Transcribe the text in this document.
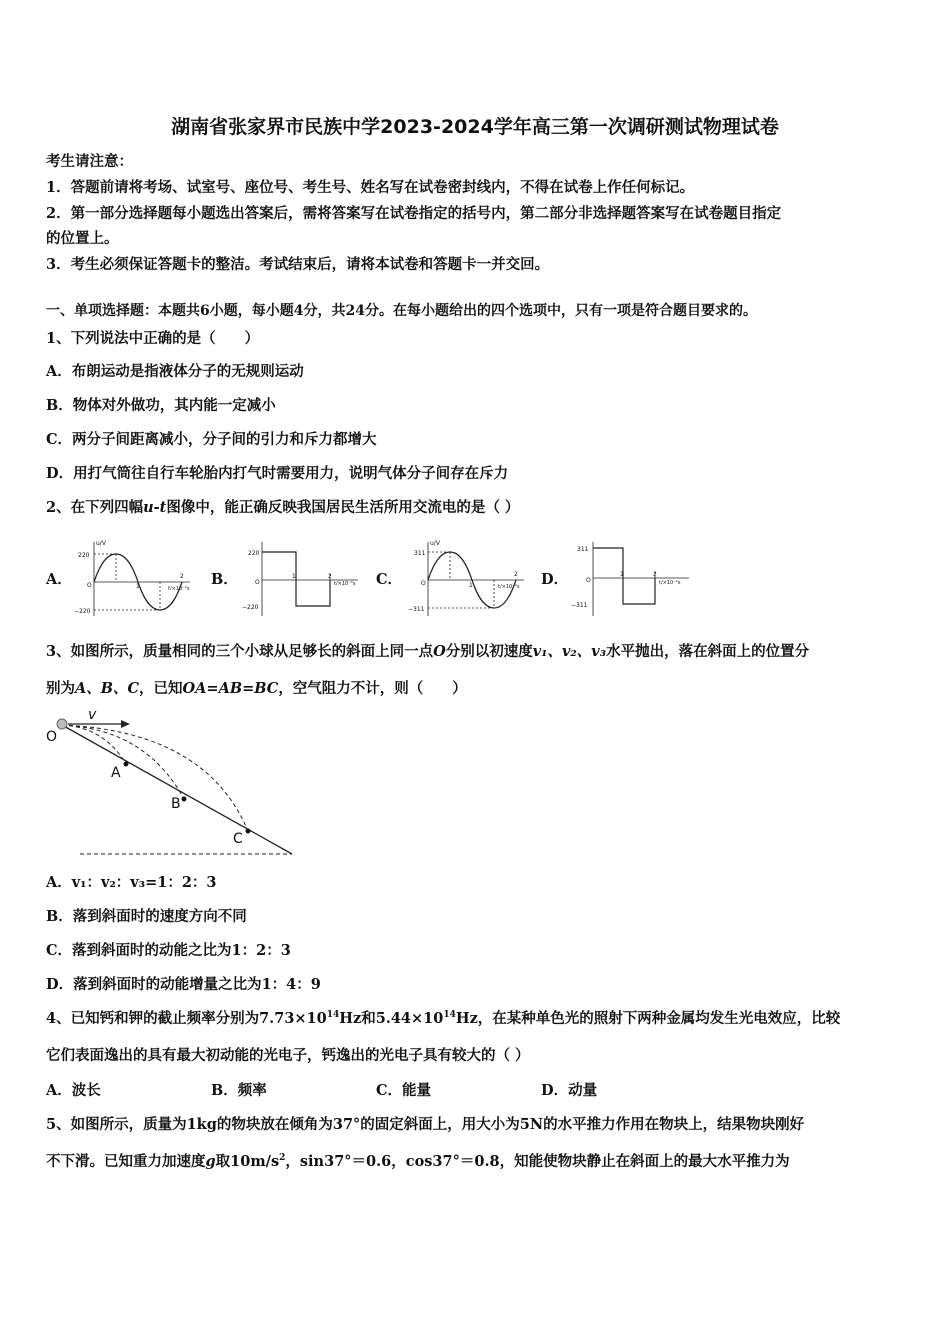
湖南省张家界市民族中学2023-2024学年高三第一次调研测试物理试卷
考生请注意：
1．答题前请将考场、试室号、座位号、考生号、姓名写在试卷密封线内，不得在试卷上作任何标记。
2．第一部分选择题每小题选出答案后，需将答案写在试卷指定的括号内，第二部分非选择题答案写在试卷题目指定
的位置上。
3．考生必须保证答题卡的整洁。考试结束后，请将本试卷和答题卡一并交回。
一、单项选择题：本题共6小题，每小题4分，共24分。在每小题给出的四个选项中，只有一项是符合题目要求的。
1、下列说法中正确的是（　　）
A．布朗运动是指液体分子的无规则运动
B．物体对外做功，其内能一定减小
C．两分子间距离减小，分子间的引力和斥力都增大
D．用打气筒往自行车轮胎内打气时需要用力，说明气体分子间存在斥力
2、在下列四幅u-t图像中，能正确反映我国居民生活所用交流电的是（ ）
A．	B．	C．	D．
u/V
220
−220
O	1
2
t/×10⁻²s
220
−220
O
1	2
t/×10⁻²s
u/V
311
−311
O	1
2
t/×10⁻²s
311
−311
O
1	2
t/×10⁻²s
3、如图所示，质量相同的三个小球从足够长的斜面上同一点O分别以初速度v₁、v₂、v₃水平抛出，落在斜面上的位置分
别为A、B、C，已知OA=AB=BC，空气阻力不计，则（　　）
v
O
A
B
C
A．v₁：v₂：v₃=1：2：3
B．落到斜面时的速度方向不同
C．落到斜面时的动能之比为1：2：3
D．落到斜面时的动能增量之比为1：4：9
4、已知钙和钾的截止频率分别为$7.73\times 10^{14}Hz$和$5.44\times 10^{14}Hz$，在某种单色光的照射下两种金属均发生光电效应，比较
它们表面逸出的具有最大初动能的光电子，钙逸出的光电子具有较大的（ ）
A．波长	B．频率	C．能量	D．动量
5、如图所示，质量为1kg的物块放在倾角为37°的固定斜面上，用大小为5N的水平推力作用在物块上，结果物块刚好
不下滑。已知重力加速度g取$10m/s^2$，sin37°＝0.6，cos37°＝0.8，知能使物块静止在斜面上的最大水平推力为
